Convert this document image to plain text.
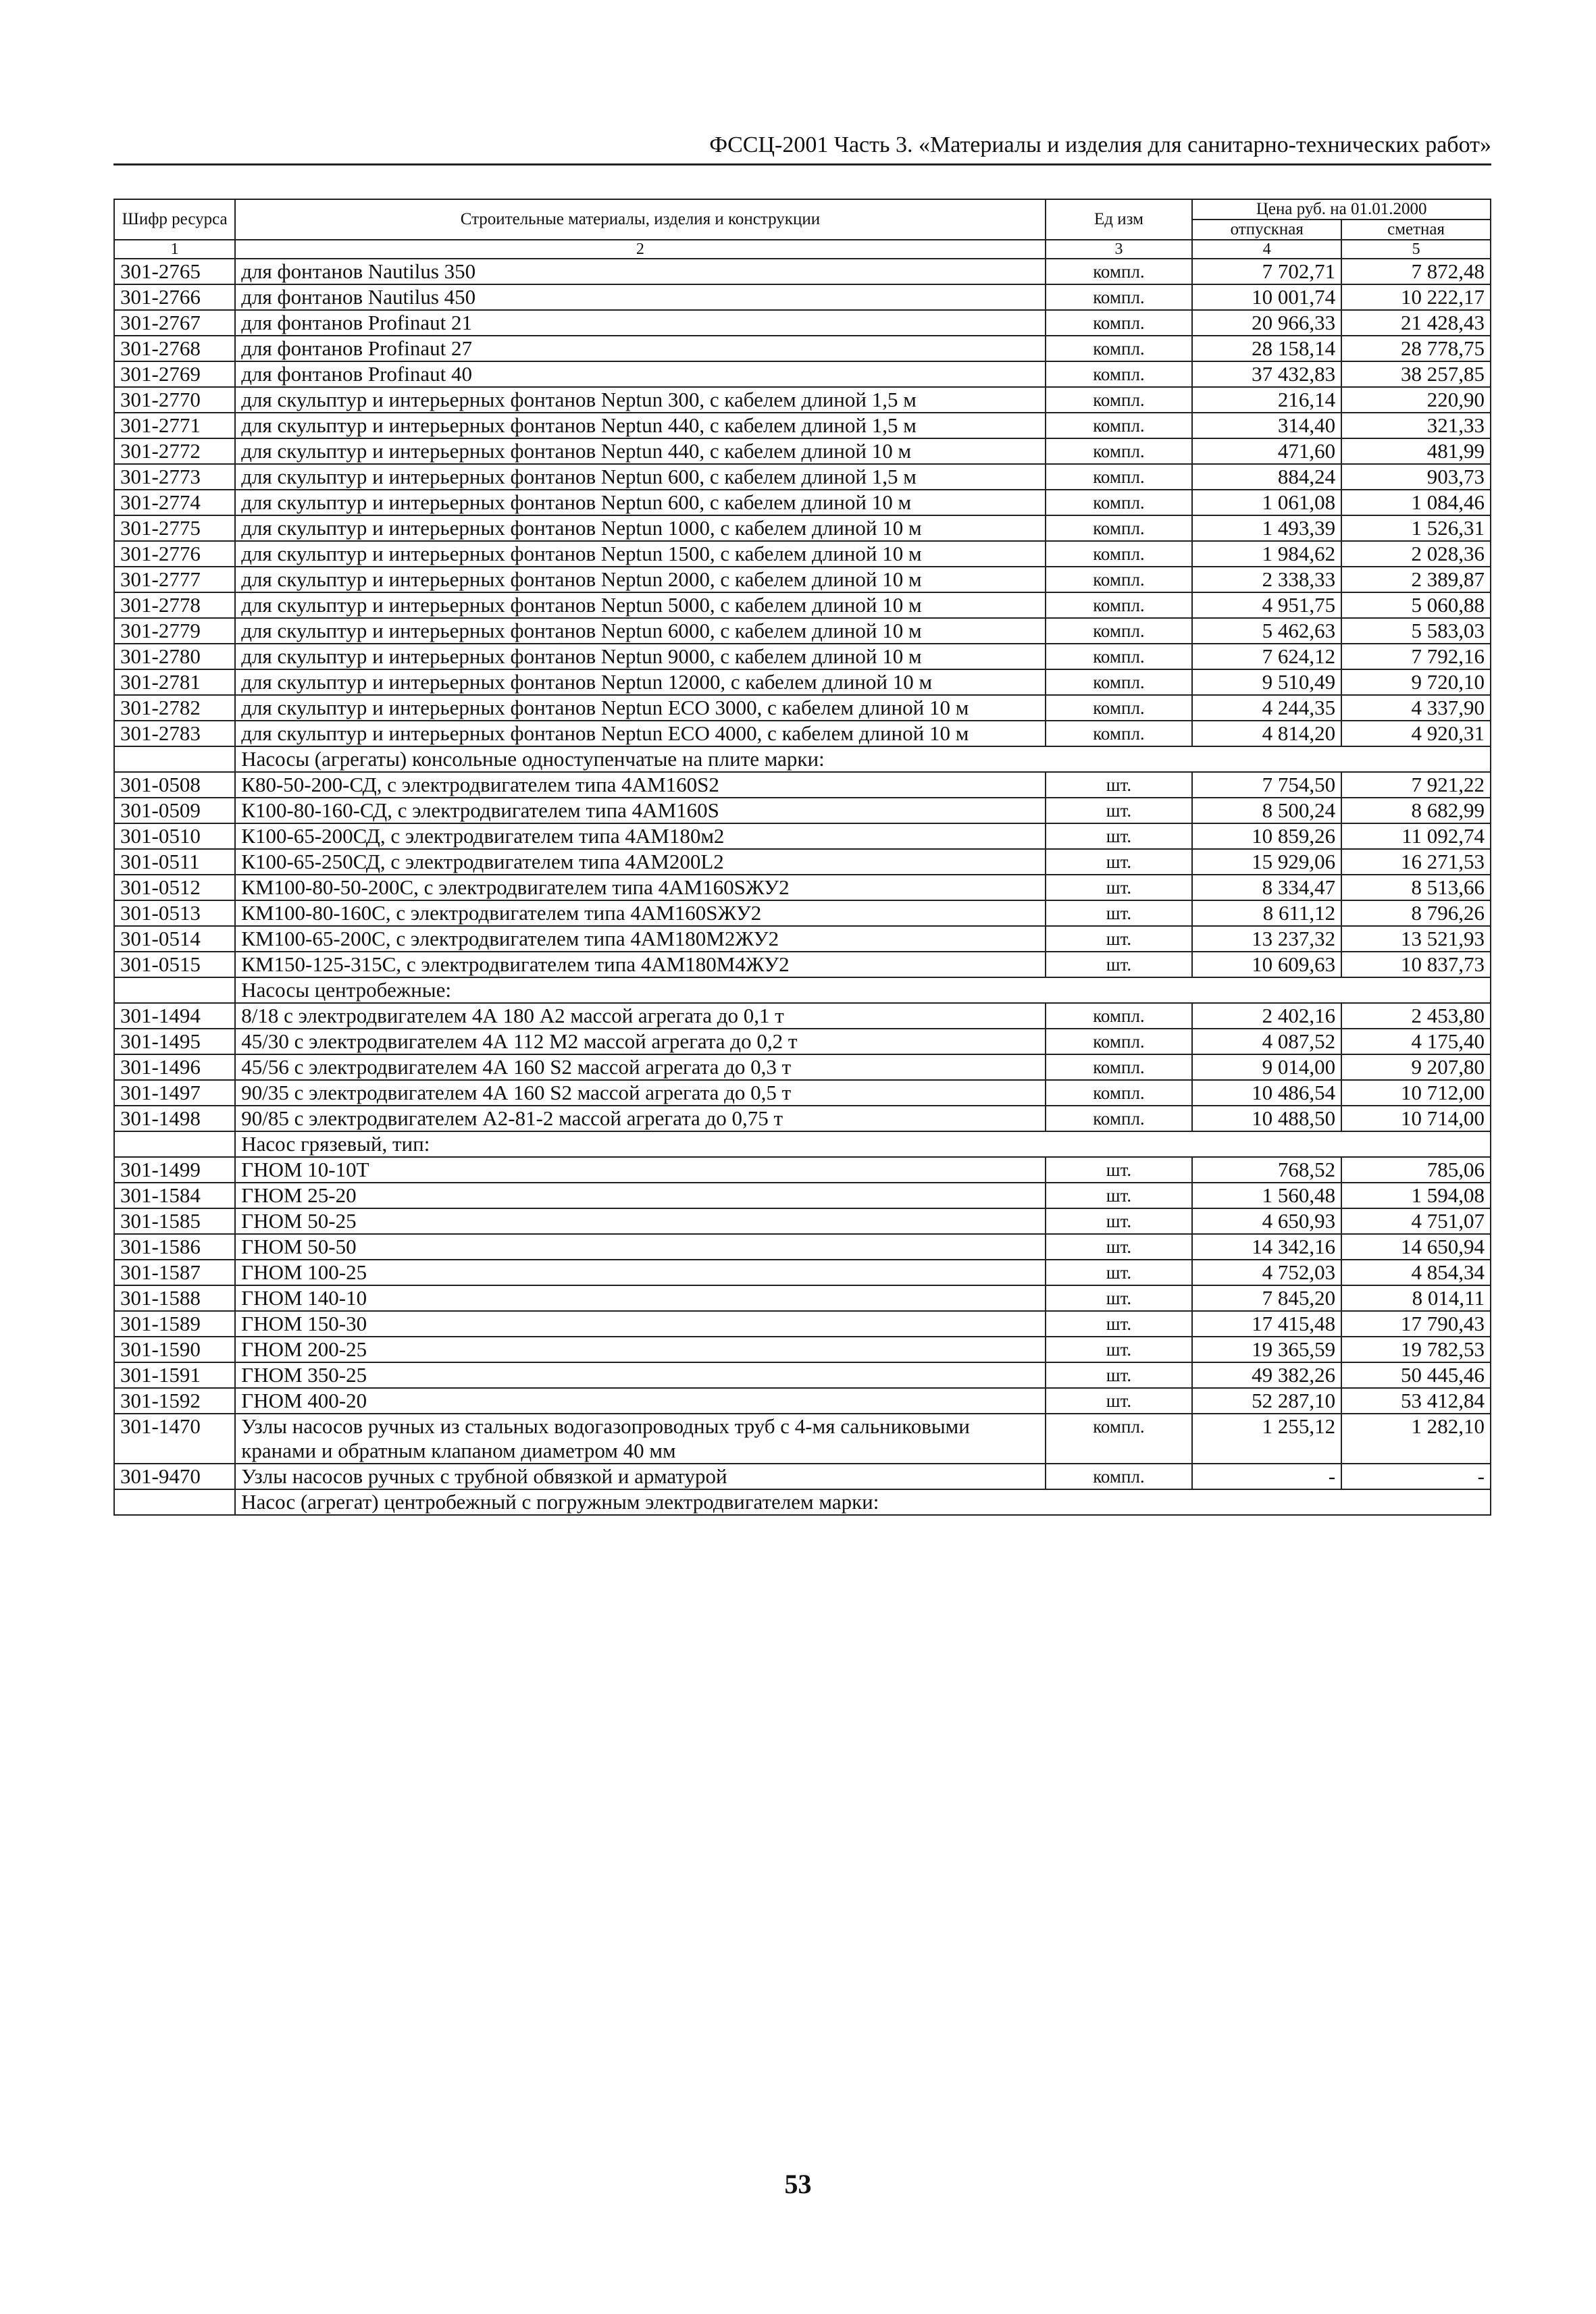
ФССЦ-2001 Часть 3. «Материалы и изделия для санитарно-технических работ»
Шифр ресурса	Строительные материалы, изделия и конструкции	Ед изм	Цена руб. на 01.01.2000	
			отпускная	сметная
1	2	3	4	5
301-2765	для фонтанов Nautilus 350	компл.	7 702,71	7 872,48
301-2766	для фонтанов Nautilus 450	компл.	10 001,74	10 222,17
301-2767	для фонтанов Profinaut 21	компл.	20 966,33	21 428,43
301-2768	для фонтанов Profinaut 27	компл.	28 158,14	28 778,75
301-2769	для фонтанов Profinaut 40	компл.	37 432,83	38 257,85
301-2770	для скульптур и интерьерных фонтанов Neptun 300, с кабелем длиной 1,5 м	компл.	216,14	220,90
301-2771	для скульптур и интерьерных фонтанов Neptun 440, с кабелем длиной 1,5 м	компл.	314,40	321,33
301-2772	для скульптур и интерьерных фонтанов Neptun 440, с кабелем длиной 10 м	компл.	471,60	481,99
301-2773	для скульптур и интерьерных фонтанов Neptun 600, с кабелем длиной 1,5 м	компл.	884,24	903,73
301-2774	для скульптур и интерьерных фонтанов Neptun 600, с кабелем длиной 10 м	компл.	1 061,08	1 084,46
301-2775	для скульптур и интерьерных фонтанов Neptun 1000, с кабелем длиной 10 м	компл.	1 493,39	1 526,31
301-2776	для скульптур и интерьерных фонтанов Neptun 1500, с кабелем длиной 10 м	компл.	1 984,62	2 028,36
301-2777	для скульптур и интерьерных фонтанов Neptun 2000, с кабелем длиной 10 м	компл.	2 338,33	2 389,87
301-2778	для скульптур и интерьерных фонтанов Neptun 5000, с кабелем длиной 10 м	компл.	4 951,75	5 060,88
301-2779	для скульптур и интерьерных фонтанов Neptun 6000, с кабелем длиной 10 м	компл.	5 462,63	5 583,03
301-2780	для скульптур и интерьерных фонтанов Neptun 9000, с кабелем длиной 10 м	компл.	7 624,12	7 792,16
301-2781	для скульптур и интерьерных фонтанов Neptun 12000, с кабелем длиной 10 м	компл.	9 510,49	9 720,10
301-2782	для скульптур и интерьерных фонтанов Neptun ECO 3000, с кабелем длиной 10 м	компл.	4 244,35	4 337,90
301-2783	для скульптур и интерьерных фонтанов Neptun ECO 4000, с кабелем длиной 10 м	компл.	4 814,20	4 920,31
	Насосы (агрегаты) консольные одноступенчатые на плите марки:			
301-0508	К80-50-200-СД, с электродвигателем типа 4АМ160S2	шт.	7 754,50	7 921,22
301-0509	К100-80-160-СД, с электродвигателем типа 4АМ160S	шт.	8 500,24	8 682,99
301-0510	К100-65-200СД, с электродвигателем типа 4АМ180м2	шт.	10 859,26	11 092,74
301-0511	К100-65-250СД, с электродвигателем типа 4АМ200L2	шт.	15 929,06	16 271,53
301-0512	КМ100-80-50-200С, с электродвигателем типа 4АМ160SЖУ2	шт.	8 334,47	8 513,66
301-0513	КМ100-80-160С, с электродвигателем типа 4АМ160SЖУ2	шт.	8 611,12	8 796,26
301-0514	КМ100-65-200С, с электродвигателем типа 4АМ180М2ЖУ2	шт.	13 237,32	13 521,93
301-0515	КМ150-125-315С, с электродвигателем типа 4АМ180М4ЖУ2	шт.	10 609,63	10 837,73
	Насосы центробежные:			
301-1494	8/18 с электродвигателем 4А 180 А2 массой агрегата до 0,1 т	компл.	2 402,16	2 453,80
301-1495	45/30 с электродвигателем 4А 112 М2 массой агрегата до 0,2 т	компл.	4 087,52	4 175,40
301-1496	45/56 с электродвигателем 4А 160 S2 массой агрегата до 0,3 т	компл.	9 014,00	9 207,80
301-1497	90/35 с электродвигателем 4А 160 S2 массой агрегата до 0,5 т	компл.	10 486,54	10 712,00
301-1498	90/85 с электродвигателем А2-81-2 массой агрегата до 0,75 т	компл.	10 488,50	10 714,00
	Насос грязевый, тип:			
301-1499	ГНОМ 10-10Т	шт.	768,52	785,06
301-1584	ГНОМ 25-20	шт.	1 560,48	1 594,08
301-1585	ГНОМ 50-25	шт.	4 650,93	4 751,07
301-1586	ГНОМ 50-50	шт.	14 342,16	14 650,94
301-1587	ГНОМ 100-25	шт.	4 752,03	4 854,34
301-1588	ГНОМ 140-10	шт.	7 845,20	8 014,11
301-1589	ГНОМ 150-30	шт.	17 415,48	17 790,43
301-1590	ГНОМ 200-25	шт.	19 365,59	19 782,53
301-1591	ГНОМ 350-25	шт.	49 382,26	50 445,46
301-1592	ГНОМ 400-20	шт.	52 287,10	53 412,84
301-1470	Узлы насосов ручных из стальных водогазопроводных труб с 4-мя сальниковыми кранами и обратным клапаном диаметром 40 мм	компл.	1 255,12	1 282,10
301-9470	Узлы насосов ручных с трубной обвязкой и арматурой	компл.	-	-
	Насос (агрегат) центробежный с погружным электродвигателем марки:			
53
